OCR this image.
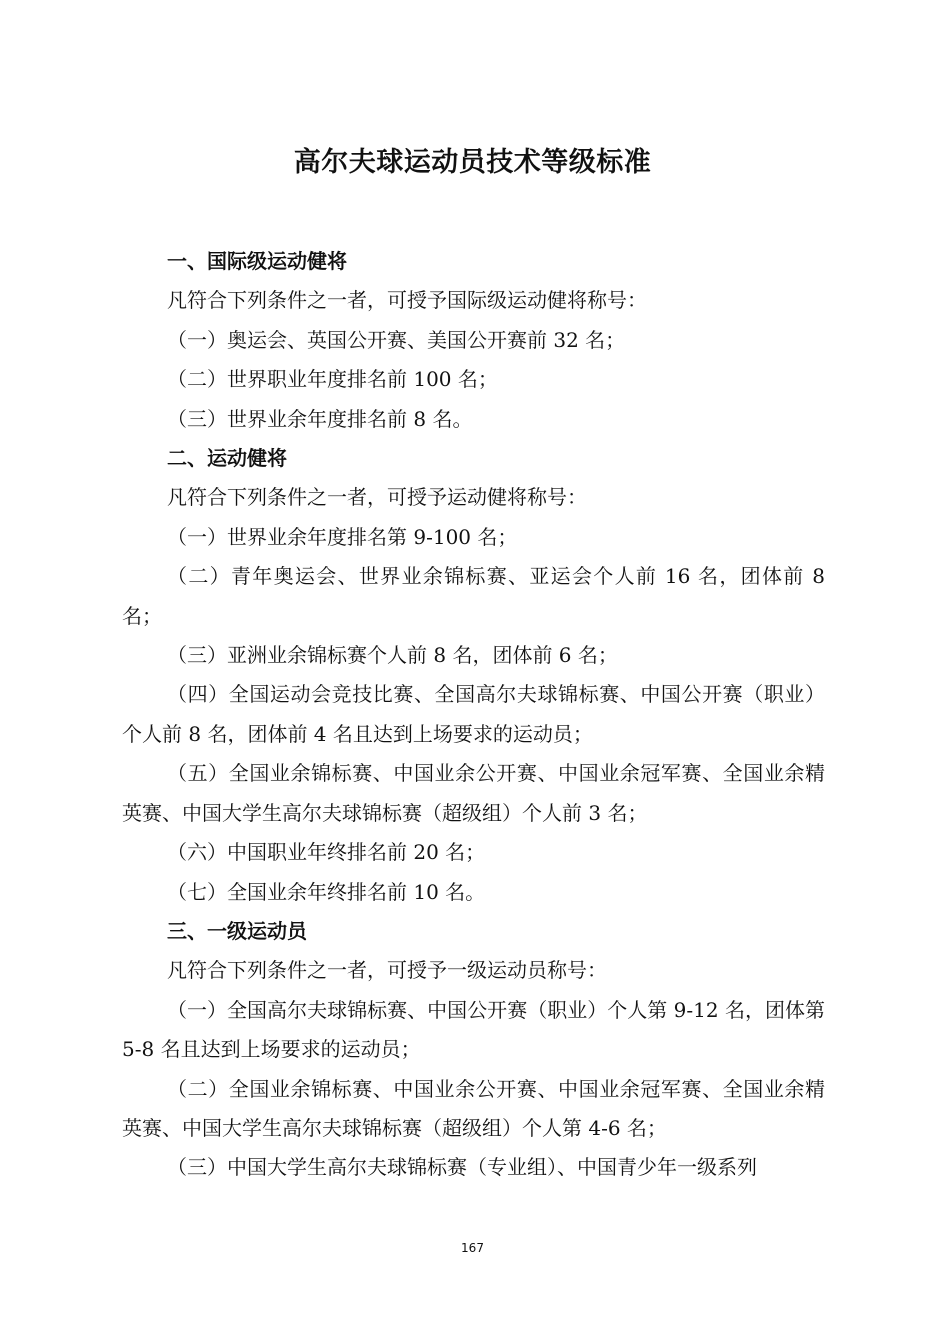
高尔夫球运动员技术等级标准

一、国际级运动健将

凡符合下列条件之一者，可授予国际级运动健将称号：

（一）奥运会、英国公开赛、美国公开赛前 32 名；

（二）世界职业年度排名前 100 名；

（三）世界业余年度排名前 8 名。

二、运动健将

凡符合下列条件之一者，可授予运动健将称号：

（一）世界业余年度排名第 9-100 名；

（二）青年奥运会、世界业余锦标赛、亚运会个人前 16 名，团体前 8 名；

（三）亚洲业余锦标赛个人前 8 名，团体前 6 名；

（四）全国运动会竞技比赛、全国高尔夫球锦标赛、中国公开赛（职业）个人前 8 名，团体前 4 名且达到上场要求的运动员；

（五）全国业余锦标赛、中国业余公开赛、中国业余冠军赛、全国业余精英赛、中国大学生高尔夫球锦标赛（超级组）个人前 3 名；

（六）中国职业年终排名前 20 名；

（七）全国业余年终排名前 10 名。

三、一级运动员

凡符合下列条件之一者，可授予一级运动员称号：

（一）全国高尔夫球锦标赛、中国公开赛（职业）个人第 9-12 名，团体第 5-8 名且达到上场要求的运动员；

（二）全国业余锦标赛、中国业余公开赛、中国业余冠军赛、全国业余精英赛、中国大学生高尔夫球锦标赛（超级组）个人第 4-6 名；

（三）中国大学生高尔夫球锦标赛（专业组）、中国青少年一级系列

167
